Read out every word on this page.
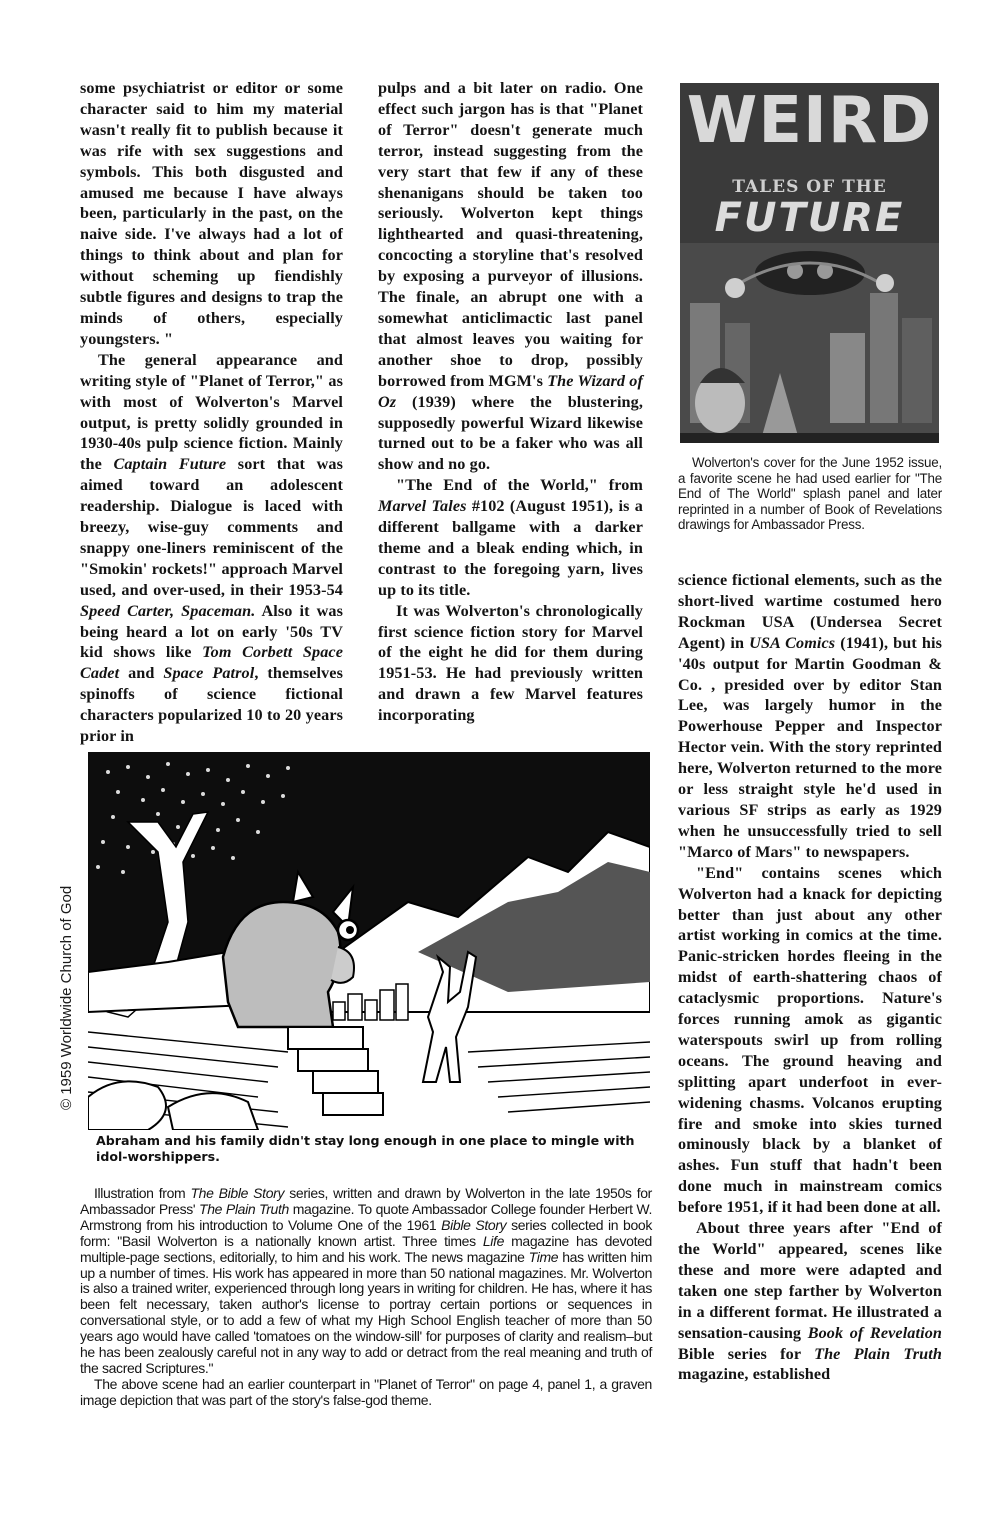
some psychiatrist or editor or some character said to him my material wasn't really fit to publish because it was rife with sex suggestions and symbols. This both disgusted and amused me because I have always been, particularly in the past, on the naive side. I've always had a lot of things to think about and plan for without scheming up fiendishly subtle figures and designs to trap the minds of others, especially youngsters. "

The general appearance and writing style of "Planet of Terror," as with most of Wolverton's Marvel output, is pretty solidly grounded in 1930-40s pulp science fiction. Mainly the Captain Future sort that was aimed toward an adolescent readership. Dialogue is laced with breezy, wise-guy comments and snappy one-liners reminiscent of the "Smokin' rockets!" approach Marvel used, and over-used, in their 1953-54 Speed Carter, Spaceman. Also it was being heard a lot on early '50s TV kid shows like Tom Corbett Space Cadet and Space Patrol, themselves spinoffs of science fictional characters popularized 10 to 20 years prior in

pulps and a bit later on radio. One effect such jargon has is that "Planet of Terror" doesn't generate much terror, instead suggesting from the very start that few if any of these shenanigans should be taken too seriously. Wolverton kept things lighthearted and quasi-threatening, concocting a storyline that's resolved by exposing a purveyor of illusions. The finale, an abrupt one with a somewhat anticlimactic last panel that almost leaves you waiting for another shoe to drop, possibly borrowed from MGM's The Wizard of Oz (1939) where the blustering, supposedly powerful Wizard likewise turned out to be a faker who was all show and no go.

"The End of the World," from Marvel Tales #102 (August 1951), is a different ballgame with a darker theme and a bleak ending which, in contrast to the foregoing yarn, lives up to its title.

It was Wolverton's chronologically first science fiction story for Marvel of the eight he did for them during 1951-53. He had previously written and drawn a few Marvel features incorporating

WEIRD
TALES OF THE
FUTURE
Wolverton's cover for the June 1952 issue, a favorite scene he had used earlier for "The End of The World" splash panel and later reprinted in a number of Book of Revelations drawings for Ambassador Press.

science fictional elements, such as the short-lived wartime costumed hero Rockman USA (Undersea Secret Agent) in USA Comics (1941), but his '40s output for Martin Goodman & Co. , presided over by editor Stan Lee, was largely humor in the Powerhouse Pepper and Inspector Hector vein. With the story reprinted here, Wolverton returned to the more or less straight style he'd used in various SF strips as early as 1929 when he unsuccessfully tried to sell "Marco of Mars" to newspapers.

"End" contains scenes which Wolverton had a knack for depicting better than just about any other artist working in comics at the time. Panic-stricken hordes fleeing in the midst of earth-shattering chaos of cataclysmic proportions. Nature's forces running amok as gigantic waterspouts swirl up from rolling oceans. The ground heaving and splitting apart underfoot in ever-widening chasms. Volcanos erupting fire and smoke into skies turned ominously black by a blanket of ashes. Fun stuff that hadn't been done much in mainstream comics before 1951, if it had been done at all.

About three years after "End of the World" appeared, scenes like these and more were adapted and taken one step farther by Wolverton in a different format. He illustrated a sensation-causing Book of Revelation Bible series for The Plain Truth magazine, established

© 1959 Worldwide Church of God
Abraham and his family didn't stay long enough in one place to mingle with idol-worshippers.

Illustration from The Bible Story series, written and drawn by Wolverton in the late 1950s for Ambassador Press' The Plain Truth magazine. To quote Ambassador College founder Herbert W. Armstrong from his introduction to Volume One of the 1961 Bible Story series collected in book form: "Basil Wolverton is a nationally known artist. Three times Life magazine has devoted multiple-page sections, editorially, to him and his work. The news magazine Time has written him up a number of times. His work has appeared in more than 50 national magazines. Mr. Wolverton is also a trained writer, experienced through long years in writing for children. He has, where it has been felt necessary, taken author's license to portray certain portions or sequences in conversational style, or to add a few of what my High School English teacher of more than 50 years ago would have called 'tomatoes on the window-sill' for purposes of clarity and realism–but he has been zealously careful not in any way to add or detract from the real meaning and truth of the sacred Scriptures."

The above scene had an earlier counterpart in "Planet of Terror" on page 4, panel 1, a graven image depiction that was part of the story's false-god theme.
